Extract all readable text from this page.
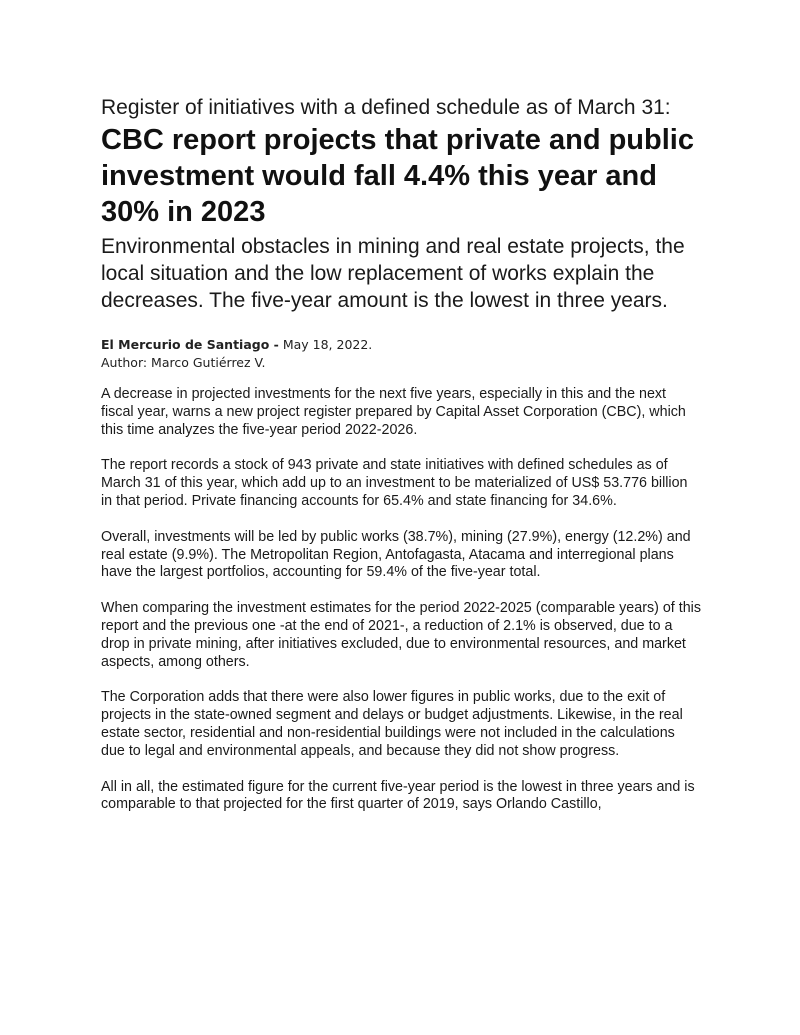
Register of initiatives with a defined schedule as of March 31:

CBC report projects that private and public investment would fall 4.4% this year and 30% in 2023

Environmental obstacles in mining and real estate projects, the local situation and the low replacement of works explain the decreases. The five-year amount is the lowest in three years.

El Mercurio de Santiago - May 18, 2022.
Author: Marco Gutiérrez V.

A decrease in projected investments for the next five years, especially in this and the next fiscal year, warns a new project register prepared by Capital Asset Corporation (CBC), which this time analyzes the five-year period 2022-2026.

The report records a stock of 943 private and state initiatives with defined schedules as of March 31 of this year, which add up to an investment to be materialized of US$ 53.776 billion in that period. Private financing accounts for 65.4% and state financing for 34.6%.

Overall, investments will be led by public works (38.7%), mining (27.9%), energy (12.2%) and real estate (9.9%). The Metropolitan Region, Antofagasta, Atacama and interregional plans have the largest portfolios, accounting for 59.4% of the five-year total.

When comparing the investment estimates for the period 2022-2025 (comparable years) of this report and the previous one -at the end of 2021-, a reduction of 2.1% is observed, due to a drop in private mining, after initiatives excluded, due to environmental resources, and market aspects, among others.

The Corporation adds that there were also lower figures in public works, due to the exit of projects in the state-owned segment and delays or budget adjustments. Likewise, in the real estate sector, residential and non-residential buildings were not included in the calculations due to legal and environmental appeals, and because they did not show progress.

All in all, the estimated figure for the current five-year period is the lowest in three years and is comparable to that projected for the first quarter of 2019, says Orlando Castillo,
